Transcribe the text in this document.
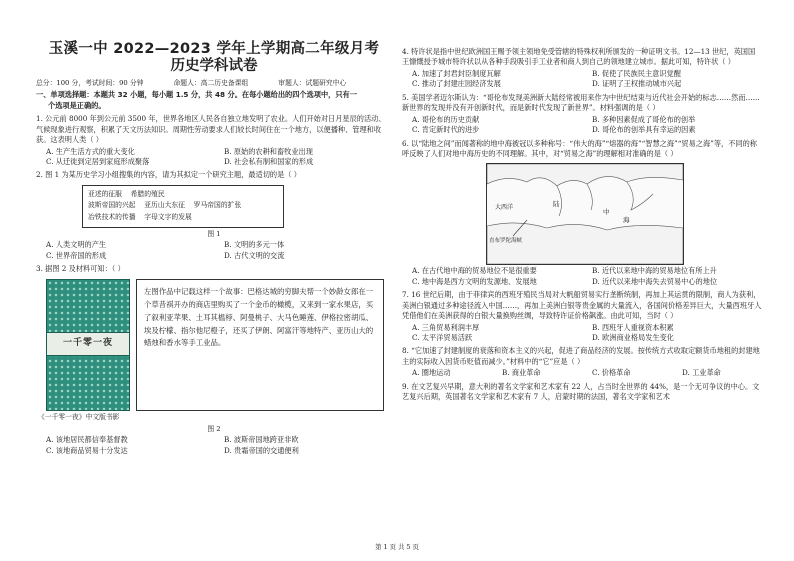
玉溪一中 2022—2023 学年上学期高二年级月考
历史学科试卷
总分：100 分，考试时间：90 分钟	命题人：高二历史备课组	审题人：试题研究中心
一、单项选择题：本题共 32 小题，每小题 1.5 分，共 48 分。在每小题给出的四个选项中，只有一
个选项是正确的。
1. 公元前 8000 年到公元前 3500 年，世界各地区人民各自独立地发明了农业。人们开始对日月星辰的活动、气候现象进行观察，积累了天文历法知识。周期性劳动要求人们较长时间住在一个地方，以便播种、管理和收获。这表明人类（ ）
A. 生产生活方式的重大变化	B. 原始的农耕和畜牧业出现
C. 从迁徙到定居到家庭形成聚落	D. 社会私有制和国家的形成
2. 图 1 为某历史学习小组搜集的内容，请为其拟定一个研究主题，最适切的是（ ）
亚述的征服 希腊的殖民
波斯帝国的兴起 亚历山大东征 罗马帝国的扩张
冶铁技术的传播 字母文字的发展
图 1
A. 人类文明的产生	B. 文明的多元一体
C. 世界帝国的形成	D. 古代文明的交流
3. 据图 2 及材料可知：（ ）
一千零一夜
左图作品中记载这样一个故事：巴格达城的穷脚夫帮一个妙龄女郎在一个草昔祺开办的商店里购买了一个金币的橄榄，又来到一家水果店，买了叙利亚苹果、土耳其榅桲、阿曼桃子、大马色睡莲、伊格拉密胡瓜、埃及柠檬、指尔他尼橙子，还买了伊朗、阿富汗等地特产、亚历山大的蜡烛和香水等手工业品。
《一千零一夜》中文版书影
图 2
A. 该地居民都信奉基督教	B. 波斯帝国地跨亚非欧
C. 该地商品贸易十分发达	D. 贵霜帝国的交通便利
4. 特许状是指中世纪欧洲国王赐予领主领地免受管辖的特殊权利所颁发的一种证明文书。12—13 世纪，英国国王慷慨授予城市特许状以从各种手段吸引手工业者和商人到自己的领地建立城市。据此可知，特许状（ ）
A. 加速了封君封臣制度瓦解	B. 促使了民族民主意识觉醒
C. 推动了封建庄园经济发展	D. 证明了王权推动城市兴起
5. 美国学者迈尔斯认为：“哥伦布发现美洲新大陆经常被用来作为中世纪结束与近代社会开始的标志……然而……新世界的发现并没有开创新时代，而是新时代发现了新世界”。材料强调的是（ ）
A. 哥伦布的历史贡献	B. 多种因素促成了哥伦布的创举
C. 肯定新时代的进步	D. 哥伦布的创举具有幸运的因素
6. 以“陆地之间”而闻著称的地中海被冠以多种称号：“伟大的海”“熔器的海”“智慧之海”“贸易之海”等，不同的称呼反映了人们对地中海历史的不同理解。其中，对“贸易之海”的理解相对准确的是（ ）
大西洋
直布罗陀海峡
陆
中
海
A. 在古代地中海的贸易地位不是很重要	B. 近代以来地中海的贸易地位有所上升
C. 地中海是西方文明的发源地、发展地	D. 近代以来地中海失去贸易中心的地位
7. 16 世纪后期，由于菲律宾的西班牙殖民当局对大帆船贸易实行垄断统制，再加上其运贯的限制，商人为获利，美洲白银通过多种途径流入中国……，再加上美洲白银等贵金属的大量流入，各国间价格差异巨大，大量西班牙人凭借他们在美洲获得的白银大量换购丝绸，导致特许证价格飙涨。由此可知，当时（ ）
A. 三角贸易利润丰厚	B. 西班牙人重视资本积累
C. 太平洋贸易活跃	D. 欧洲商业格局发生变化
8. “它加速了封建制度的衰落和资本主义的兴起，促进了商品经济的发展。按传统方式收取定额货币地租的封建地主的实际收入因货币贬值而减少。”材料中的“它”应是（ ）
A. 圈地运动	B. 商业革命	C. 价格革命	D. 工业革命
9. 在文艺复兴早期，意大利的著名文学家和艺术家有 22 人，占当时全世界的 44%，是一个无可争议的中心。文艺复兴后期，英国著名文学家和艺术家有 7 人，启蒙时期的法国，著名文学家和艺术
第 1 页 共 5 页
